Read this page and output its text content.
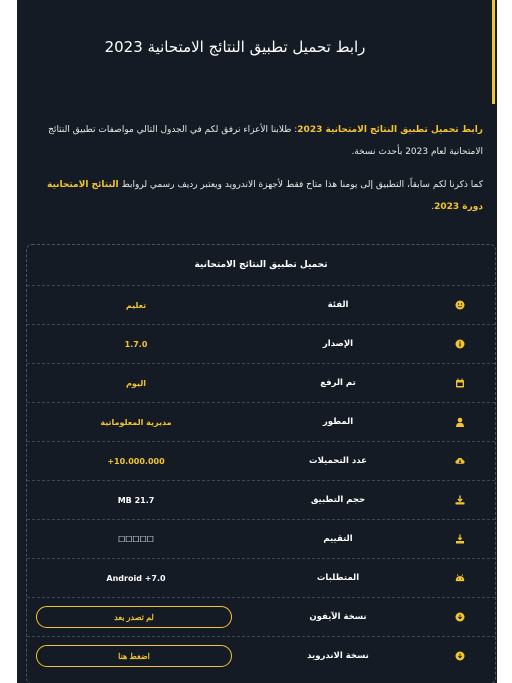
رابط تحميل تطبيق النتائج الامتحانية 2023

رابط تحميل تطبيق النتائج الامتحانية 2023: طلابنا الأعزاء نرفق لكم في الجدول التالي مواصفات تطبيق النتائج الامتحانية لعام 2023 بأحدث نسخة.

كما ذكرنا لكم سابقاً، التطبيق إلى يومنا هذا متاح فقط لأجهزة الاندرويد ويعتبر رديف رسمي لروابط النتائج الامتحانية دورة 2023.

تحميل تطبيق النتائج الامتحانية
الفئة
تعليم
الإصدار
1.7.0
تم الرفع
اليوم
المطور
مديرية المعلوماتية
عدد التحميلات
10.000.000+
حجم التطبيق
21.7 MB
التقييم
☐☐☐☐☐
المتطلبات
Android +7.0
نسخة الآيفون
لم تصدر بعد
نسخة الاندرويد
اضغط هنا
